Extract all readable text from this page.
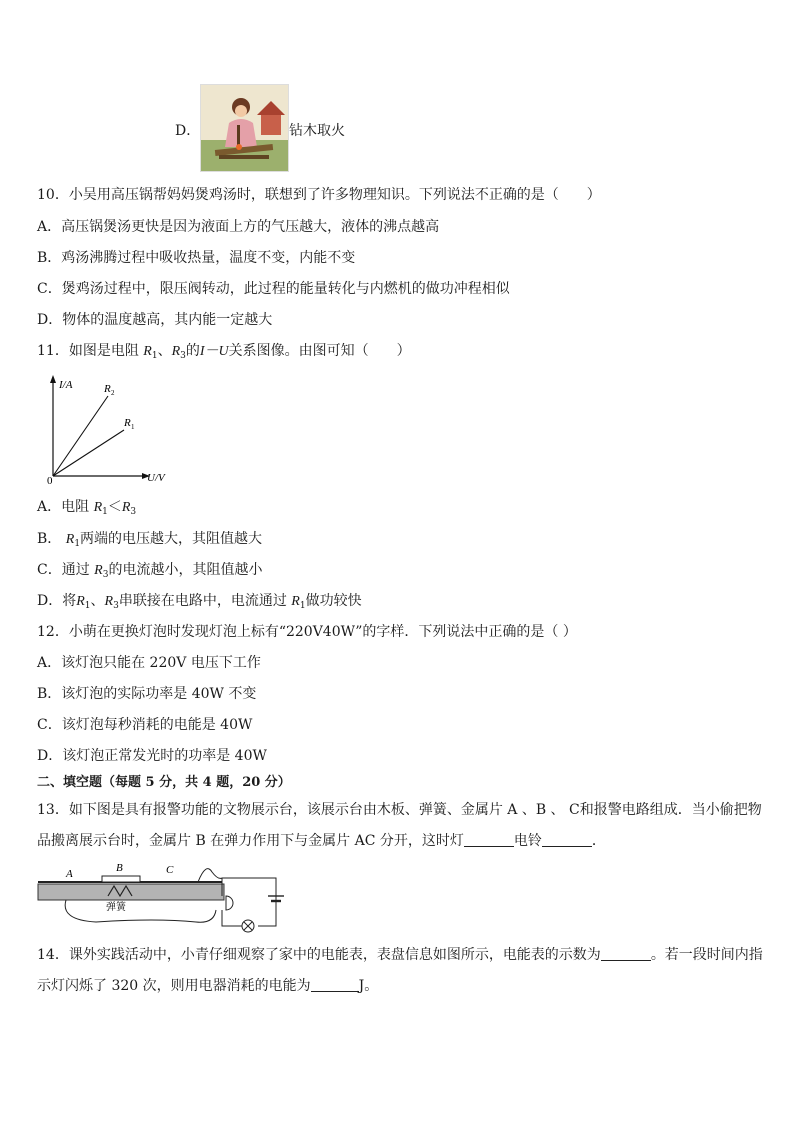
D．	钻木取火
10．小吴用高压锅帮妈妈煲鸡汤时，联想到了许多物理知识。下列说法不正确的是（　　）
A．高压锅煲汤更快是因为液面上方的气压越大，液体的沸点越高
B．鸡汤沸腾过程中吸收热量，温度不变，内能不变
C．煲鸡汤过程中，限压阀转动，此过程的能量转化与内燃机的做功冲程相似
D．物体的温度越高，其内能一定越大
11．如图是电阻 $R_1$、$R_3$的I－U关系图像。由图可知（　　）
I/A
U/V
0
R 2
R 1
A．电阻 $R_1<R_3$
B． $R_1$两端的电压越大，其阻值越大
C．通过 $R_3$的电流越小，其阻值越小
D．将$R_1$、$R_3$串联接在电路中，电流通过 $R_1$做功较快
12．小萌在更换灯泡时发现灯泡上标有“220V40W”的字样．下列说法中正确的是（ ）
A．该灯泡只能在 220V 电压下工作
B．该灯泡的实际功率是 40W 不变
C．该灯泡每秒消耗的电能是 40W
D．该灯泡正常发光时的功率是 40W
二、填空题（每题 5 分，共 4 题，20 分）
13．如下图是具有报警功能的文物展示台，该展示台由木板、弹簧、金属片 A 、B 、 C和报警电路组成．当小偷把物
品搬离展示台时，金属片 B 在弹力作用下与金属片 AC 分开，这时灯	电铃	．
A	B	C
弹簧
14．课外实践活动中，小青仔细观察了家中的电能表，表盘信息如图所示，电能表的示数为	。若一段时间内指
示灯闪烁了 320 次，则用电器消耗的电能为	J。
